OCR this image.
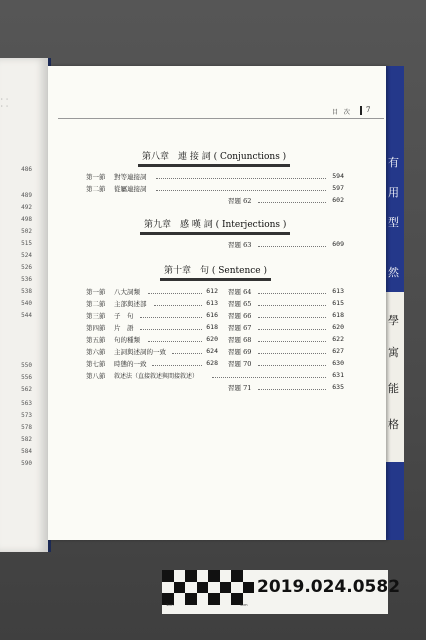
· · · ·
486
489
492
498
502
515
524
526
536
538
540
544
550
556
562
563
573
578
582
584
590
有
用
型
然
學
寓
能
格
目 次 7
第八章　連 接 詞 ( Conjunctions )
第一節 對等連接詞	594
第二節 從屬連接詞	597
習題 62	602
第九章　感 嘆 詞 ( Interjections )
習題 63	609
第十章　句 ( Sentence )
第一節 八大詞類	612
第二節 主部與述部	613
第三節 子　句	616
第四節 片　語	618
第五節 句的種類	620
第六節 主詞與述詞的一致	624
第七節 時態的一致	628
第八節 敘述法（直接敘述與間接敘述）	631
習題 64	613
習題 65	615
習題 66	618
習題 67	620
習題 68	622
習題 69	627
習題 70	630
習題 71	635
1cm	5cm
2019.024.0582
